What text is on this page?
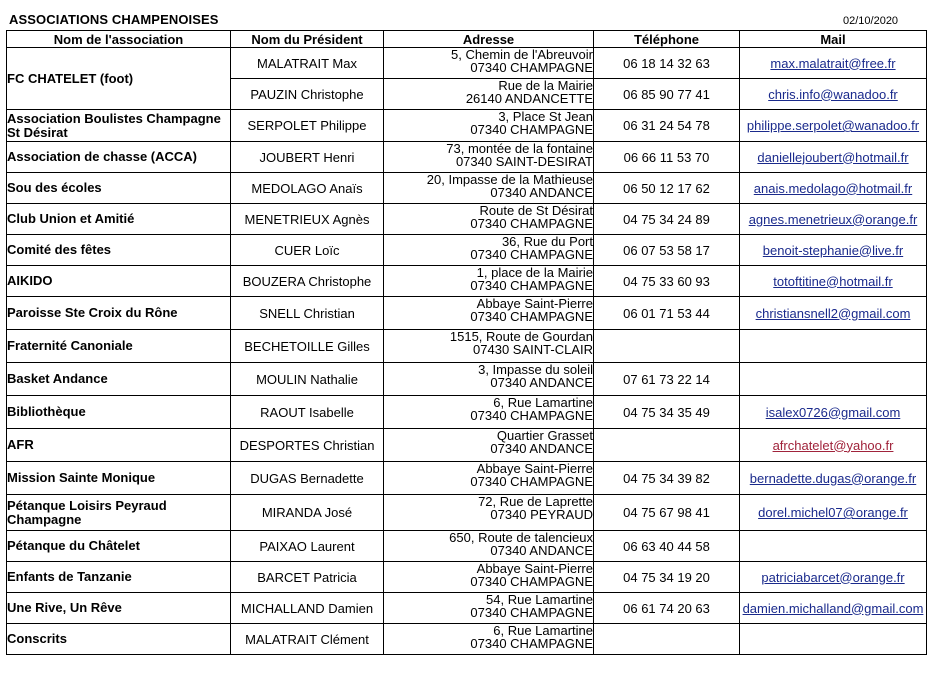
ASSOCIATIONS CHAMPENOISES	02/10/2020
Nom de l'association	Nom du Président	Adresse	Téléphone	Mail
FC CHATELET (foot)	MALATRAIT Max	5, Chemin de l'Abreuvoir
07340 CHAMPAGNE	06 18 14 32 63	max.malatrait@free.fr
	PAUZIN Christophe	Rue de la Mairie
26140 ANDANCETTE	06 85 90 77 41	chris.info@wanadoo.fr
Association Boulistes Champagne St Désirat	SERPOLET Philippe	3, Place St Jean
07340 CHAMPAGNE	06 31 24 54 78	philippe.serpolet@wanadoo.fr
Association de chasse (ACCA)	JOUBERT Henri	73, montée de la fontaine
07340 SAINT-DESIRAT	06 66 11 53 70	daniellejoubert@hotmail.fr
Sou des écoles	MEDOLAGO Anaïs	20, Impasse de la Mathieuse
07340 ANDANCE	06 50 12 17 62	anais.medolago@hotmail.fr
Club Union et Amitié	MENETRIEUX Agnès	Route de St Désirat
07340 CHAMPAGNE	04 75 34 24 89	agnes.menetrieux@orange.fr
Comité des fêtes	CUER Loïc	36, Rue du Port
07340 CHAMPAGNE	06 07 53 58 17	benoit-stephanie@live.fr
AIKIDO	BOUZERA Christophe	1, place de la Mairie
07340 CHAMPAGNE	04 75 33 60 93	totoftitine@hotmail.fr
Paroisse Ste Croix du Rône	SNELL Christian	Abbaye Saint-Pierre
07340 CHAMPAGNE	06 01 71 53 44	christiansnell2@gmail.com
Fraternité Canoniale	BECHETOILLE Gilles	1515, Route de Gourdan
07430 SAINT-CLAIR		

Basket Andance	MOULIN Nathalie	3, Impasse du soleil
07340 ANDANCE	07 61 73 22 14	
Bibliothèque	RAOUT Isabelle	6, Rue Lamartine
07340 CHAMPAGNE	04 75 34 35 49	isalex0726@gmail.com
AFR	DESPORTES Christian	Quartier Grasset
07340 ANDANCE		afrchatelet@yahoo.fr
Mission Sainte Monique	DUGAS Bernadette	Abbaye Saint-Pierre
07340 CHAMPAGNE	04 75 34 39 82	bernadette.dugas@orange.fr
Pétanque Loisirs Peyraud Champagne	MIRANDA José	72, Rue de Laprette
07340 PEYRAUD	04 75 67 98 41	dorel.michel07@orange.fr
Pétanque du Châtelet	PAIXAO Laurent	650, Route de talencieux
07340 ANDANCE	06 63 40 44 58	
Enfants de Tanzanie	BARCET Patricia	Abbaye Saint-Pierre
07340 CHAMPAGNE	04 75 34 19 20	patriciabarcet@orange.fr
Une Rive, Un Rêve	MICHALLAND Damien	54, Rue Lamartine
07340 CHAMPAGNE	06 61 74 20 63	damien.michalland@gmail.com
Conscrits	MALATRAIT Clément	6, Rue Lamartine
07340 CHAMPAGNE		
